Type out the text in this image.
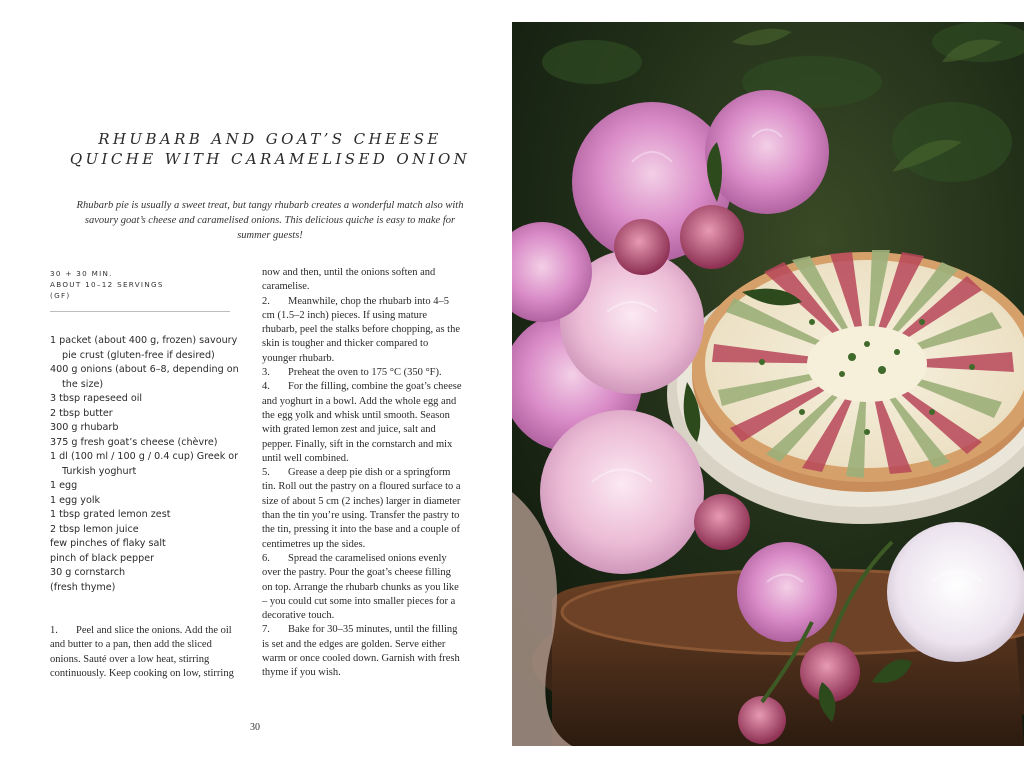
RHUBARB AND GOAT’S CHEESE
QUICHE WITH CARAMELISED ONION

Rhubarb pie is usually a sweet treat, but tangy rhubarb creates a wonderful match also with savoury goat’s cheese and caramelised onions. This delicious quiche is easy to make for summer guests!

30 + 30 MIN.
ABOUT 10–12 SERVINGS
(GF)
1 packet (about 400 g, frozen) savoury pie crust (gluten-free if desired)
400 g onions (about 6–8, depending on the size)
3 tbsp rapeseed oil
2 tbsp butter
300 g rhubarb
375 g fresh goat’s cheese (chèvre)
1 dl (100 ml / 100 g / 0.4 cup) Greek or Turkish yoghurt
1 egg
1 egg yolk
1 tbsp grated lemon zest
2 tbsp lemon juice
few pinches of flaky salt
pinch of black pepper
30 g cornstarch
(fresh thyme)

1. Peel and slice the onions. Add the oil and butter to a pan, then add the sliced onions. Sauté over a low heat, stirring continuously. Keep cooking on low, stirring

now and then, until the onions soften and caramelise.

2. Meanwhile, chop the rhubarb into 4–5 cm (1.5–2 inch) pieces. If using mature rhubarb, peel the stalks before chopping, as the skin is tougher and thicker compared to younger rhubarb.

3. Preheat the oven to 175 °C (350 °F).

4. For the filling, combine the goat’s cheese and yoghurt in a bowl. Add the whole egg and the egg yolk and whisk until smooth. Season with grated lemon zest and juice, salt and pepper. Finally, sift in the cornstarch and mix until well combined.

5. Grease a deep pie dish or a springform tin. Roll out the pastry on a floured surface to a size of about 5 cm (2 inches) larger in diameter than the tin you’re using. Transfer the pastry to the tin, pressing it into the base and a couple of centimetres up the sides.

6. Spread the caramelised onions evenly over the pastry. Pour the goat’s cheese filling on top. Arrange the rhubarb chunks as you like – you could cut some into smaller pieces for a decorative touch.

7. Bake for 30–35 minutes, until the filling is set and the edges are golden. Serve either warm or once cooled down. Garnish with fresh thyme if you wish.

30
